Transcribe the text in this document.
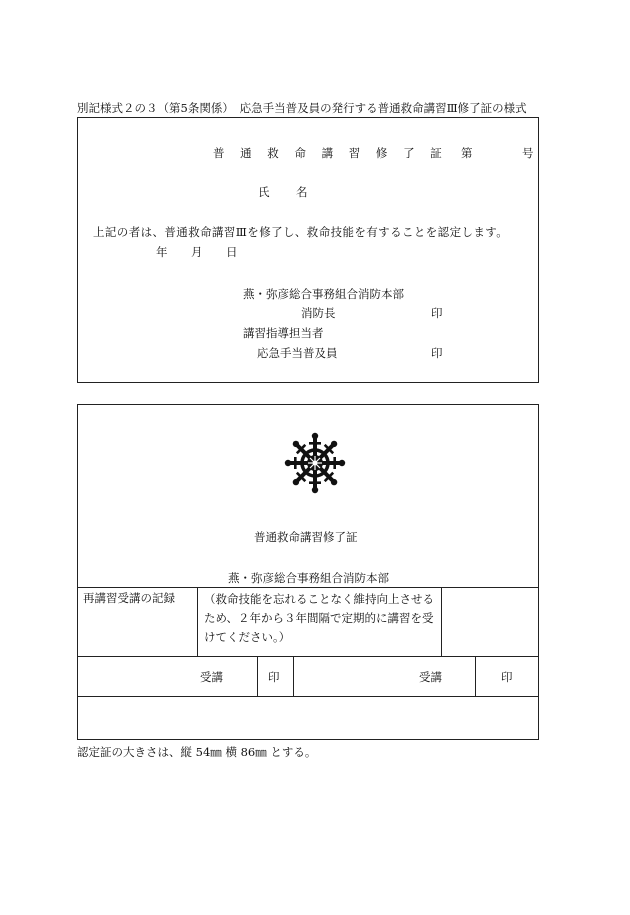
別記様式２の３（第5条関係）　応急手当普及員の発行する普通救命講習Ⅲ修了証の様式
普 通 救 命 講 習 修 了 証 第	号
氏 名
上記の者は、普通救命講習Ⅲを修了し、救命技能を有することを認定します。
年 月 日
燕・弥彦総合事務組合消防本部
消防長	印
講習指導担当者
応急手当普及員	印
普通救命講習修了証
燕・弥彦総合事務組合消防本部
再講習受講の記録	（救命技能を忘れることなく維持向上させるため、２年から３年間隔で定期的に講習を受けてください。）
受講	印	受講	印
認定証の大きさは、縦 54㎜ 横 86㎜ とする。
